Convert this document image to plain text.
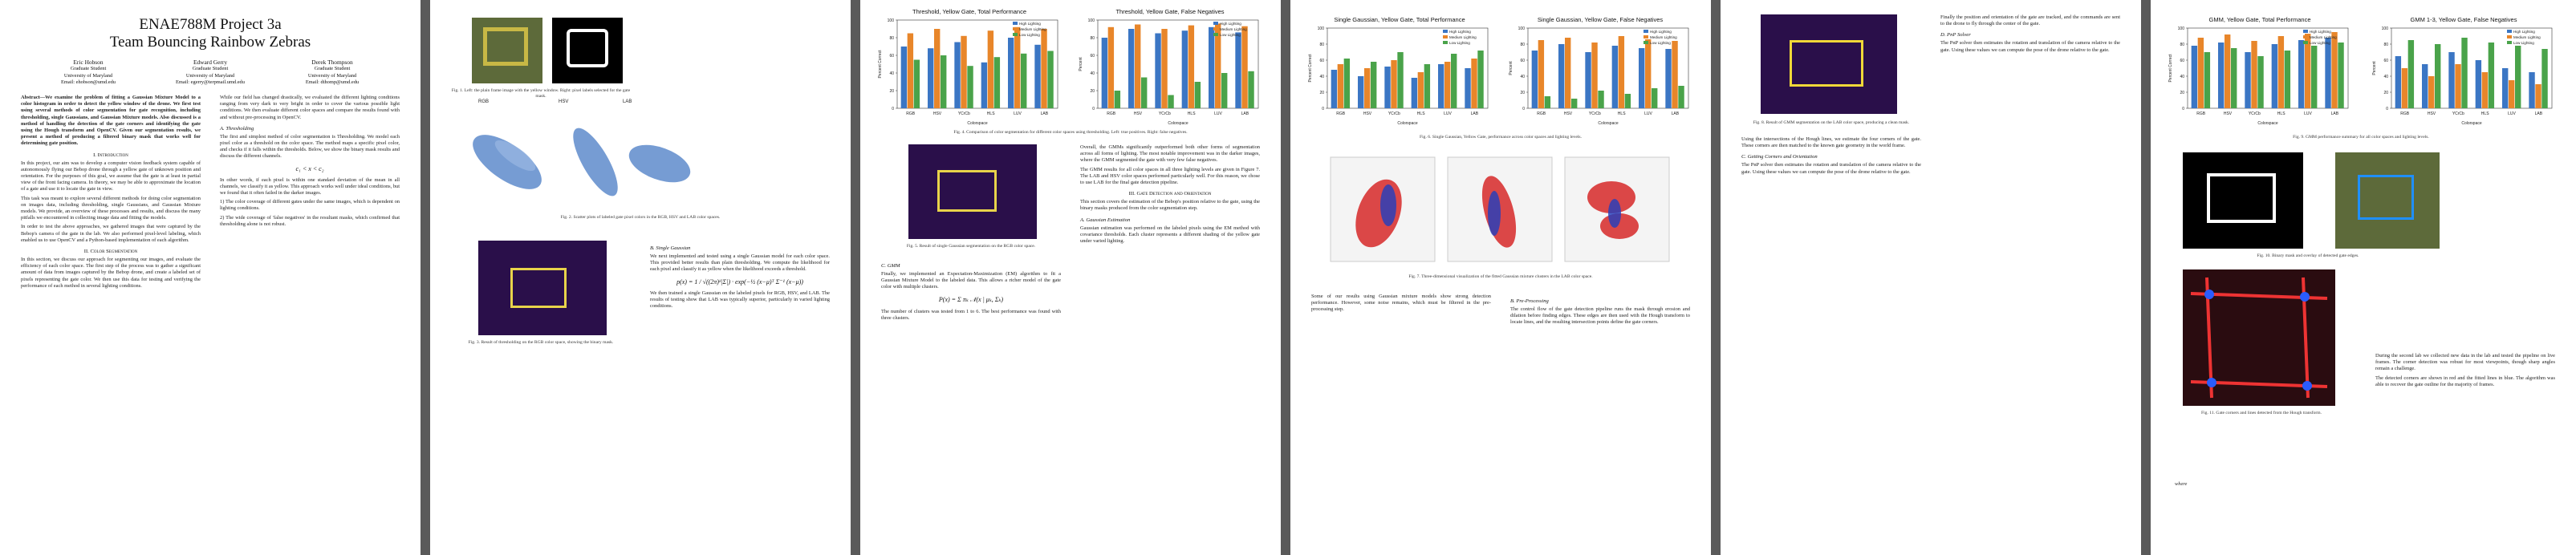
ENAE788M Project 3a
Team Bouncing Rainbow Zebras
Eric Hobson
Graduate Student
University of Maryland
Email: ehobson@umd.edu
Edward Gerry
Graduate Student
University of Maryland
Email: egerry@terpmail.umd.edu
Derek Thompson
Graduate Student
University of Maryland
Email: dthomp@umd.edu

Abstract—We examine the problem of fitting a Gaussian Mixture Model to a color histogram in order to detect the yellow window of the drone. We first test using several methods of color segmentation for gate recognition, including thresholding, single Gaussians, and Gaussian Mixture models. Also discussed is a method of handling the detection of the gate corners and identifying the gate using the Hough transform and OpenCV. Given our segmentation results, we present a method of producing a filtered binary mask that works well for determining gate position.

I. Introduction

In this project, our aim was to develop a computer vision feedback system capable of autonomously flying our Bebop drone through a yellow gate of unknown position and orientation. For the purposes of this goal, we assume that the gate is at least in partial view of the front facing camera. In theory, we may be able to approximate the location of a gate and use it to locate the gate in view.

This task was meant to explore several different methods for doing color segmentation on images data, including thresholding, single Gaussians, and Gaussian Mixture models. We provide, an overview of these processes and results, and discuss the many pitfalls we encountered in collecting image data and fitting the models.

In order to test the above approaches, we gathered images that were captured by the Bebop's camera of the gate in the lab. We also performed pixel-level labeling, which enabled us to use OpenCV and a Python-based implementation of each algorithm.

II. Color Segmentation

In this section, we discuss our approach for segmenting our images, and evaluate the efficiency of each color space. The first step of the process was to gather a significant amount of data from images captured by the Bebop drone, and create a labeled set of pixels representing the gate color. We then use this data for testing and verifying the performance of each method in several lighting conditions.

While our field has changed drastically, we evaluated the different lighting conditions ranging from very dark to very bright in order to cover the various possible light conditions. We then evaluate different color spaces and compare the results found with and without pre-processing in OpenCV.

A. Thresholding

The first and simplest method of color segmentation is Thresholding. We model each pixel color as a threshold on the color space. The method maps a specific pixel color, and checks if it falls within the thresholds. Below, we show the binary mask results and discuss the different channels.

c₁ < x < c₂

In other words, if each pixel is within one standard deviation of the mean in all channels, we classify it as yellow. This approach works well under ideal conditions, but we found that it often failed in the darker images.

1) The color coverage of different gates under the same images, which is dependent on lighting conditions.

2) The wide coverage of 'false negatives' in the resultant masks, which confirmed that thresholding alone is not robust.

Fig. 1. Left: the plain frame image with the yellow window. Right: pixel labels selected for the gate mask.
RGB	HSV	LAB
Fig. 2. Scatter plots of labeled gate pixel colors in the RGB, HSV and LAB color spaces.
Fig. 3. Result of thresholding on the RGB color space, showing the binary mask.
B. Single Gaussian

We next implemented and tested using a single Gaussian model for each color space. This provided better results than plain thresholding. We compute the likelihood for each pixel and classify it as yellow when the likelihood exceeds a threshold.

p(x) = 1 / √((2π)ᵏ|Σ|) · exp(−½ (x−μ)ᵀ Σ⁻¹ (x−μ))

We then trained a single Gaussian on the labeled pixels for RGB, HSV, and LAB. The results of testing show that LAB was typically superior, particularly in varied lighting conditions.

Threshold, Yellow Gate, Total Performance
0
20
40
60
80
100
Percent Correct
RGB	HSV	YCrCb	HLS	LUV	LAB
Colorspace
High Lighting
Medium Lighting
Low Lighting
Threshold, Yellow Gate, False Negatives
0
20
40
60
80
100
Percent
RGB	HSV	YCrCb	HLS	LUV	LAB
Colorspace
High Lighting
Medium Lighting
Low Lighting
Fig. 4. Comparison of color segmentation for different color spaces using thresholding. Left: true positives. Right: false negatives.
Fig. 5. Result of single Gaussian segmentation on the RGB color space.
C. GMM

Finally, we implemented an Expectation-Maximization (EM) algorithm to fit a Gaussian Mixture Model to the labeled data. This allows a richer model of the gate color with multiple clusters.

P(x) = Σ πₖ 𝒩(x | μₖ, Σₖ)

The number of clusters was tested from 1 to 6. The best performance was found with three clusters.

Overall, the GMMs significantly outperformed both other forms of segmentation across all forms of lighting. The most notable improvement was in the darker images, where the GMM segmented the gate with very few false negatives.

The GMM results for all color spaces in all three lighting levels are given in Figure 7. The LAB and HSV color spaces performed particularly well. For this reason, we chose to use LAB for the final gate detection pipeline.

III. Gate Detection and Orientation

This section covers the estimation of the Bebop's position relative to the gate, using the binary masks produced from the color segmentation step.

A. Gaussian Estimation

Gaussian estimation was performed on the labeled pixels using the EM method with covariance thresholds. Each cluster represents a different shading of the yellow gate under varied lighting.

Single Gaussian, Yellow Gate, Total Performance
0
20
40
60
80
100
Percent Correct
RGB	HSV	YCrCb	HLS	LUV	LAB
Colorspace
High Lighting
Medium Lighting
Low Lighting
Single Gaussian, Yellow Gate, False Negatives
0
20
40
60
80
100
Percent
RGB	HSV	YCrCb	HLS	LUV	LAB
Colorspace
High Lighting
Medium Lighting
Low Lighting
Fig. 6. Single Gaussian, Yellow Gate, performance across color spaces and lighting levels.
Fig. 7. Three-dimensional visualization of the fitted Gaussian mixture clusters in the LAB color space.

Some of our results using Gaussian mixture models show strong detection performance. However, some noise remains, which must be filtered in the pre-processing step.

B. Pre-Processing

The control flow of the gate detection pipeline runs the mask through erosion and dilation before finding edges. These edges are then used with the Hough transform to locate lines, and the resulting intersection points define the gate corners.

Fig. 8. Result of GMM segmentation on the LAB color space, producing a clean mask.

Using the intersections of the Hough lines, we estimate the four corners of the gate. These corners are then matched to the known gate geometry in the world frame.

C. Getting Corners and Orientation

The PnP solver then estimates the rotation and translation of the camera relative to the gate. Using these values we can compute the pose of the drone relative to the gate.

Finally the position and orientation of the gate are tracked, and the commands are sent to the drone to fly through the center of the gate.

D. PnP Solver

The PnP solver then estimates the rotation and translation of the camera relative to the gate. Using these values we can compute the pose of the drone relative to the gate.

GMM, Yellow Gate, Total Performance
0
20
40
60
80
100
Percent Correct
RGB	HSV	YCrCb	HLS	LUV	LAB
Colorspace
High Lighting
Medium Lighting
Low Lighting
GMM 1-3, Yellow Gate, False Negatives
0
20
40
60
80
100
Percent
RGB	HSV	YCrCb	HLS	LUV	LAB
Colorspace
High Lighting
Medium Lighting
Low Lighting
Fig. 9. GMM performance summary for all color spaces and lighting levels.
Fig. 10. Binary mask and overlay of detected gate edges.
Fig. 11. Gate corners and lines detected from the Hough transform.

During the second lab we collected new data in the lab and tested the pipeline on live frames. The corner detection was robust for most viewpoints, though sharp angles remain a challenge.

The detected corners are shown in red and the fitted lines in blue. The algorithm was able to recover the gate outline for the majority of frames.

where
